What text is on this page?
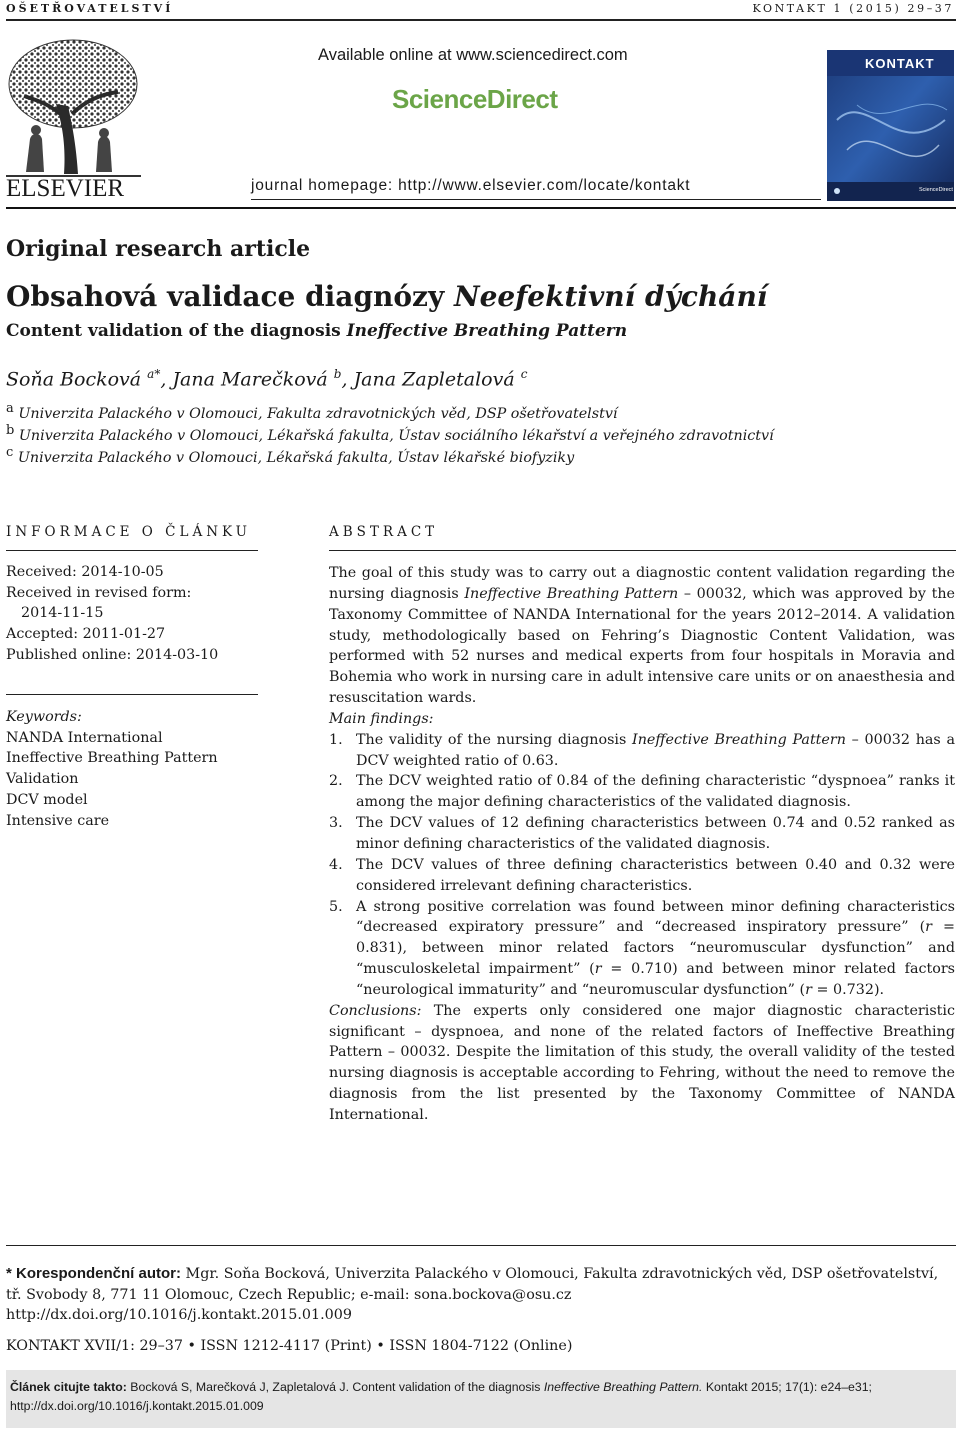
OŠETŘOVATELSTVÍ	KONTAKT 1 (2015) 29–37
ELSEVIER
Available online at www.sciencedirect.com
ScienceDirect
journal homepage: http://www.elsevier.com/locate/kontakt
KONTAKT
ScienceDirect
Original research article
Obsahová validace diagnózy Neefektivní dýchání
Content validation of the diagnosis Ineffective Breathing Pattern
Soňa Bocková $^{a*}$, Jana Marečková $^b$, Jana Zapletalová $^c$
a Univerzita Palackého v Olomouci, Fakulta zdravotnických věd, DSP ošetřovatelství
b Univerzita Palackého v Olomouci, Lékařská fakulta, Ústav sociálního lékařství a veřejného zdravotnictví
c Univerzita Palackého v Olomouci, Lékařská fakulta, Ústav lékařské biofyziky
INFORMACE O ČLÁNKU
Received: 2014-10-05
Received in revised form:
2014-11-15
Accepted: 2011-01-27
Published online: 2014-03-10
Keywords:
NANDA International
Ineffective Breathing Pattern
Validation
DCV model
Intensive care
ABSTRACT

The goal of this study was to carry out a diagnostic content validation regarding the nursing diagnosis Ineffective Breathing Pattern – 00032, which was approved by the Taxonomy Committee of NANDA International for the years 2012–2014. A validation study, methodologically based on Fehring’s Diagnostic Content Validation, was performed with 52 nurses and medical experts from four hospitals in Moravia and Bohemia who work in nursing care in adult intensive care units or on anaesthesia and resuscitation wards.

Main findings:

1. The validity of the nursing diagnosis Ineffective Breathing Pattern – 00032 has a DCV weighted ratio of 0.63.
2. The DCV weighted ratio of 0.84 of the defining characteristic “dyspnoea” ranks it among the major defining characteristics of the validated diagnosis.
3. The DCV values of 12 defining characteristics between 0.74 and 0.52 ranked as minor defining characteristics of the validated diagnosis.
4. The DCV values of three defining characteristics between 0.40 and 0.32 were considered irrelevant defining characteristics.
5. A strong positive correlation was found between minor defining characteristics “decreased expiratory pressure” and “decreased inspiratory pressure” (r = 0.831), between minor related factors “neuromuscular dysfunction” and “musculoskeletal impairment” (r = 0.710) and between minor related factors “neurological immaturity” and “neuromuscular dysfunction” (r = 0.732).

Conclusions: The experts only considered one major diagnostic characteristic significant – dyspnoea, and none of the related factors of Ineffective Breathing Pattern – 00032. Despite the limitation of this study, the overall validity of the tested nursing diagnosis is acceptable according to Fehring, without the need to remove the diagnosis from the list presented by the Taxonomy Committee of NANDA International.

* Korespondenční autor: Mgr. Soňa Bocková, Univerzita Palackého v Olomouci, Fakulta zdravotnických věd, DSP ošetřovatelství, tř. Svobody 8, 771 11 Olomouc, Czech Republic; e-mail: sona.bockova@osu.cz
http://dx.doi.org/10.1016/j.kontakt.2015.01.009
KONTAKT XVII/1: 29–37 • ISSN 1212-4117 (Print) • ISSN 1804-7122 (Online)
Článek citujte takto: Bocková S, Marečková J, Zapletalová J. Content validation of the diagnosis Ineffective Breathing Pattern. Kontakt 2015; 17(1): e24–e31;
http://dx.doi.org/10.1016/j.kontakt.2015.01.009
